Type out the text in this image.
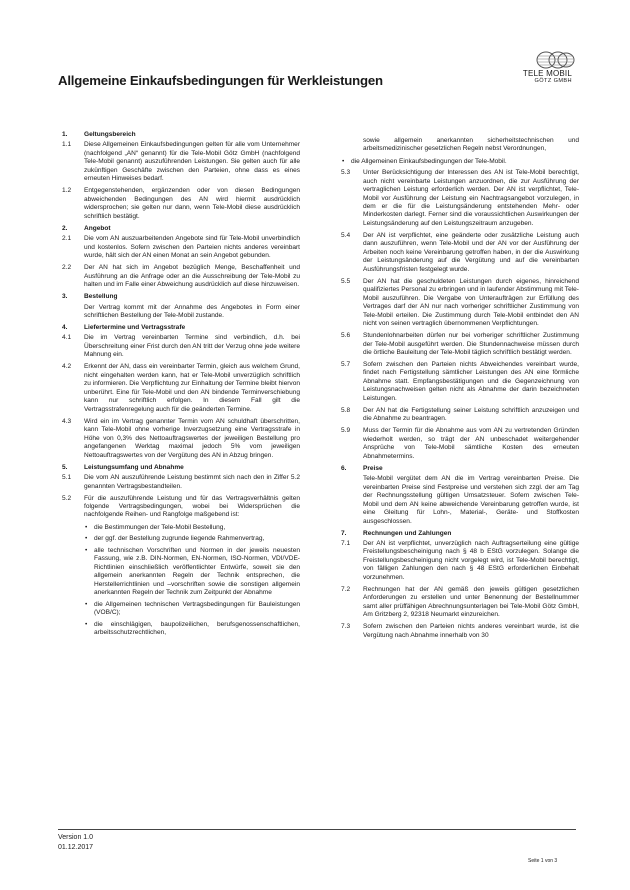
Allgemeine Einkaufsbedingungen für Werkleistungen	TELE MOBIL
GÖTZ GMBH
1.	Geltungsbereich
1.1 Diese Allgemeinen Einkaufsbedingungen gelten für alle vom Unternehmer (nachfolgend „AN“ genannt) für die Tele-Mobil Götz GmbH (nachfolgend Tele-Mobil genannt) auszuführenden Leistungen. Sie gelten auch für alle zukünftigen Geschäfte zwischen den Parteien, ohne dass es eines erneuten Hinweises bedarf.
1.2 Entgegenstehenden, ergänzenden oder von diesen Bedingungen abweichenden Bedingungen des AN wird hiermit ausdrücklich widersprochen; sie gelten nur dann, wenn Tele-Mobil diese ausdrücklich schriftlich bestätigt.
2.	Angebot
2.1 Die vom AN auszuarbeitenden Angebote sind für Tele-Mobil unverbindlich und kostenlos. Sofern zwischen den Parteien nichts anderes vereinbart wurde, hält sich der AN einen Monat an sein Angebot gebunden.
2.2 Der AN hat sich im Angebot bezüglich Menge, Beschaffenheit und Ausführung an die Anfrage oder an die Ausschreibung der Tele-Mobil zu halten und im Falle einer Abweichung ausdrücklich auf diese hinzuweisen.
3.	Bestellung
Der Vertrag kommt mit der Annahme des Angebotes in Form einer schriftlichen Bestellung der Tele-Mobil zustande.
4.	Liefertermine und Vertragsstrafe
4.1 Die im Vertrag vereinbarten Termine sind verbindlich, d.h. bei Überschreitung einer Frist durch den AN tritt der Verzug ohne jede weitere Mahnung ein.
4.2 Erkennt der AN, dass ein vereinbarter Termin, gleich aus welchem Grund, nicht eingehalten werden kann, hat er Tele-Mobil unverzüglich schriftlich zu informieren. Die Verpflichtung zur Einhaltung der Termine bleibt hiervon unberührt. Eine für Tele-Mobil und den AN bindende Terminverschiebung kann nur schriftlich erfolgen. In diesem Fall gilt die Vertragsstrafenregelung auch für die geänderten Termine.
4.3 Wird ein im Vertrag genannter Termin vom AN schuldhaft überschritten, kann Tele-Mobil ohne vorherige Inverzugsetzung eine Vertragsstrafe in Höhe von 0,3% des Nettoauftragswertes der jeweiligen Bestellung pro angefangenen Werktag maximal jedoch 5% vom jeweiligen Nettoauftragswertes von der Vergütung des AN in Abzug bringen.
5.	Leistungsumfang und Abnahme
5.1 Die vom AN auszuführende Leistung bestimmt sich nach den in Ziffer 5.2 genannten Vertragsbestandteilen.
5.2 Für die auszuführende Leistung und für das Vertragsverhältnis gelten folgende Vertragsbedingungen, wobei bei Widersprüchen die nachfolgende Reihen- und Rangfolge maßgebend ist:
• die Bestimmungen der Tele-Mobil Bestellung,
• der ggf. der Bestellung zugrunde liegende Rahmenvertrag,
• alle technischen Vorschriften und Normen in der jeweils neuesten Fassung, wie z.B. DIN-Normen, EN-Normen, ISO-Normen, VDI/VDE-Richtlinien einschließlich veröffentlichter Entwürfe, soweit sie den allgemein anerkannten Regeln der Technik entsprechen, die Herstellerrichtlinien und –vorschriften sowie die sonstigen allgemein anerkannten Regeln der Technik zum Zeitpunkt der Abnahme
• die Allgemeinen technischen Vertragsbedingungen für Bauleistungen (VOB/C);
• die einschlägigen, baupolizeilichen, berufsgenossenschaftlichen, arbeitsschutzrechtlichen,
sowie allgemein anerkannten sicherheitstechnischen und arbeitsmedizinischer gesetzlichen Regeln nebst Verordnungen,
• die Allgemeinen Einkaufsbedingungen der Tele-Mobil.
5.3 Unter Berücksichtigung der Interessen des AN ist Tele-Mobil berechtigt, auch nicht vereinbarte Leistungen anzuordnen, die zur Ausführung der vertraglichen Leistung erforderlich werden. Der AN ist verpflichtet, Tele-Mobil vor Ausführung der Leistung ein Nachtragsangebot vorzulegen, in dem er die für die Leistungsänderung entstehenden Mehr- oder Minderkosten darlegt. Ferner sind die voraussichtlichen Auswirkungen der Leistungsänderung auf den Leistungszeitraum anzugeben.
5.4 Der AN ist verpflichtet, eine geänderte oder zusätzliche Leistung auch dann auszuführen, wenn Tele-Mobil und der AN vor der Ausführung der Arbeiten noch keine Vereinbarung getroffen haben, in der die Auswirkung der Leistungsänderung auf die Vergütung und auf die vereinbarten Ausführungsfristen festgelegt wurde.
5.5 Der AN hat die geschuldeten Leistungen durch eigenes, hinreichend qualifiziertes Personal zu erbringen und in laufender Abstimmung mit Tele-Mobil auszuführen. Die Vergabe von Unteraufträgen zur Erfüllung des Vertrages darf der AN nur nach vorheriger schriftlicher Zustimmung von Tele-Mobil erteilen. Die Zustimmung durch Tele-Mobil entbindet den AN nicht von seinen vertraglich übernommenen Verpflichtungen.
5.6 Stundenlohnarbeiten dürfen nur bei vorheriger schriftlicher Zustimmung der Tele-Mobil ausgeführt werden. Die Stundennachweise müssen durch die örtliche Bauleitung der Tele-Mobil täglich schriftlich bestätigt werden.
5.7 Sofern zwischen den Parteien nichts Abweichendes vereinbart wurde, findet nach Fertigstellung sämtlicher Leistungen des AN eine förmliche Abnahme statt. Empfangsbestätigungen und die Gegenzeichnung von Leistungsnachweisen gelten nicht als Abnahme der darin bezeichneten Leistungen.
5.8 Der AN hat die Fertigstellung seiner Leistung schriftlich anzuzeigen und die Abnahme zu beantragen.
5.9 Muss der Termin für die Abnahme aus vom AN zu vertretenden Gründen wiederholt werden, so trägt der AN unbeschadet weitergehender Ansprüche von Tele-Mobil sämtliche Kosten des erneuten Abnahmetermins.
6.	Preise
Tele-Mobil vergütet dem AN die im Vertrag vereinbarten Preise. Die vereinbarten Preise sind Festpreise und verstehen sich zzgl. der am Tag der Rechnungsstellung gültigen Umsatzsteuer. Sofern zwischen Tele-Mobil und dem AN keine abweichende Vereinbarung getroffen wurde, ist eine Gleitung für Lohn-, Material-, Geräte- und Stoffkosten ausgeschlossen.
7.	Rechnungen und Zahlungen
7.1 Der AN ist verpflichtet, unverzüglich nach Auftragserteilung eine gültige Freistellungsbescheinigung nach § 48 b EStG vorzulegen. Solange die Freistellungsbescheinigung nicht vorgelegt wird, ist Tele-Mobil berechtigt, von fälligen Zahlungen den nach § 48 EStG erforderlichen Einbehalt vorzunehmen.
7.2 Rechnungen hat der AN gemäß den jeweils gültigen gesetzlichen Anforderungen zu erstellen und unter Benennung der Bestellnummer samt aller prüffähigen Abrechnungsunterlagen bei Tele-Mobil Götz GmbH, Am Gritzberg 2, 92318 Neumarkt einzureichen.
7.3 Sofern zwischen den Parteien nichts anderes vereinbart wurde, ist die Vergütung nach Abnahme innerhalb von 30
Version 1.0
01.12.2017
Seite 1 von 3
